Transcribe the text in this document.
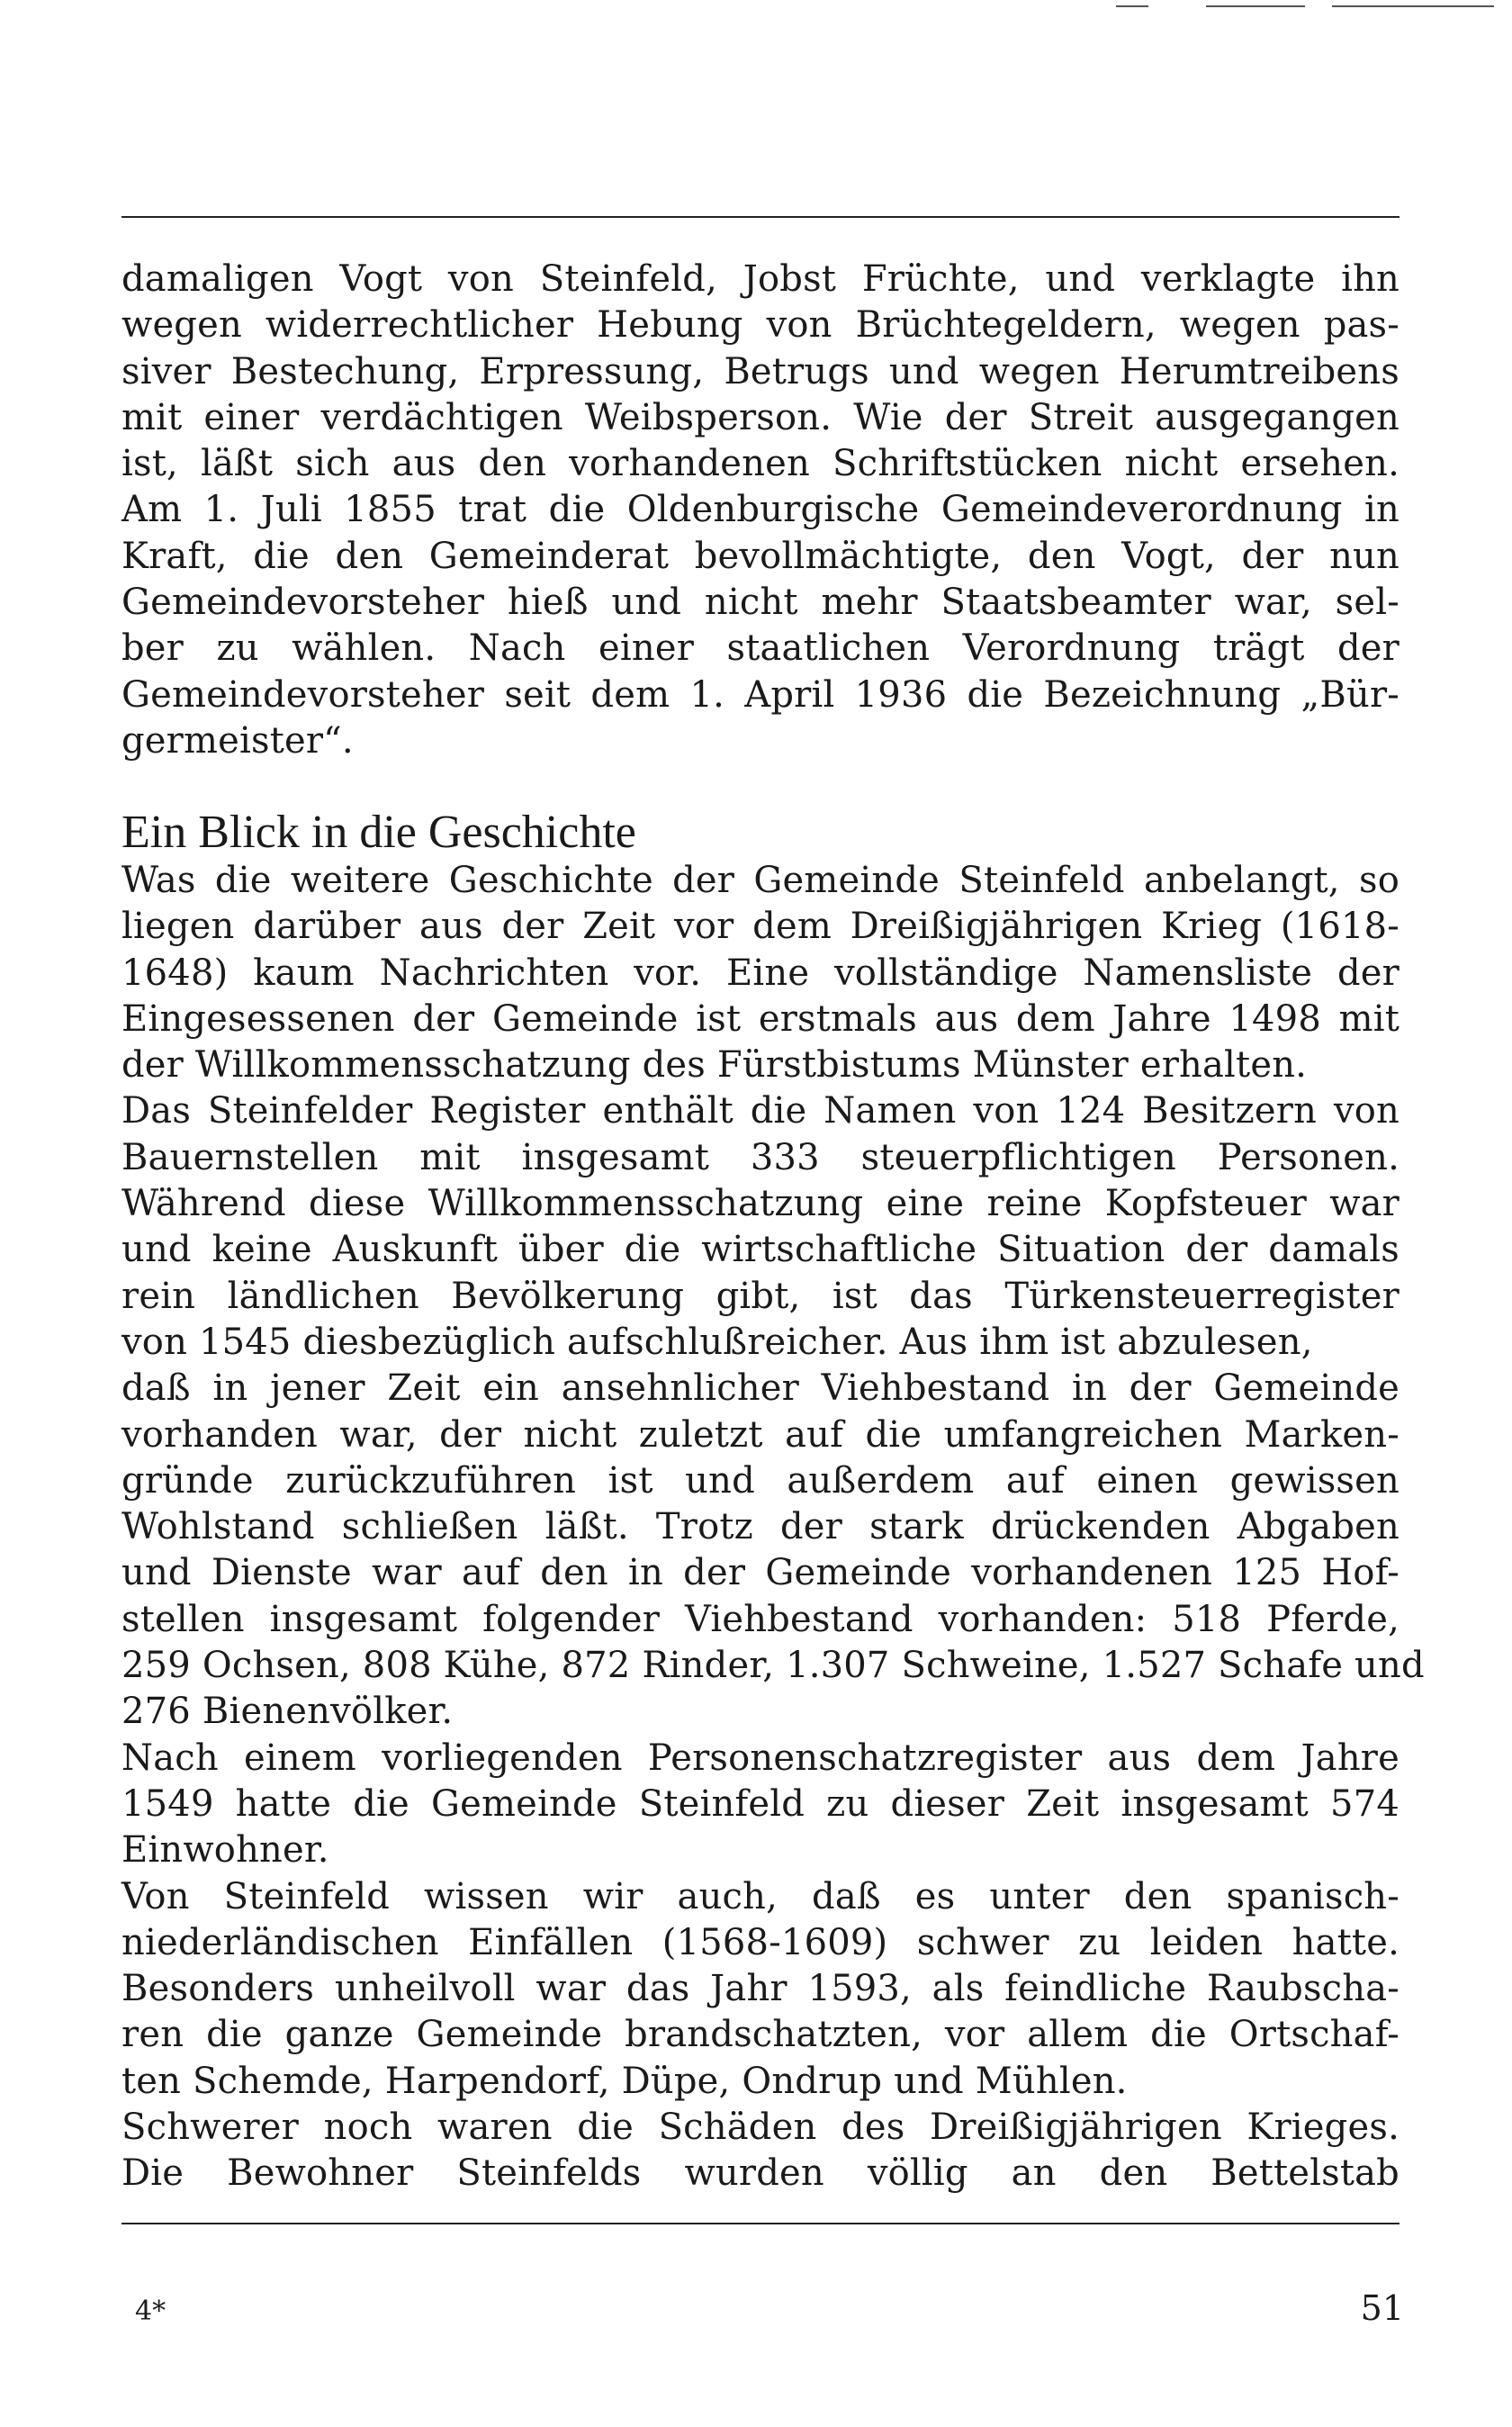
damaligen Vogt von Steinfeld, Jobst Früchte, und verklagte ihn
wegen widerrechtlicher Hebung von Brüchtegeldern, wegen pas-
siver Bestechung, Erpressung, Betrugs und wegen Herumtreibens
mit einer verdächtigen Weibsperson. Wie der Streit ausgegangen
ist, läßt sich aus den vorhandenen Schriftstücken nicht ersehen.
Am 1. Juli 1855 trat die Oldenburgische Gemeindeverordnung in
Kraft, die den Gemeinderat bevollmächtigte, den Vogt, der nun
Gemeindevorsteher hieß und nicht mehr Staatsbeamter war, sel-
ber zu wählen. Nach einer staatlichen Verordnung trägt der
Gemeindevorsteher seit dem 1. April 1936 die Bezeichnung „Bür-
germeister“.
Ein Blick in die Geschichte
Was die weitere Geschichte der Gemeinde Steinfeld anbelangt, so
liegen darüber aus der Zeit vor dem Dreißigjährigen Krieg (1618-
1648) kaum Nachrichten vor. Eine vollständige Namensliste der
Eingesessenen der Gemeinde ist erstmals aus dem Jahre 1498 mit
der Willkommensschatzung des Fürstbistums Münster erhalten.
Das Steinfelder Register enthält die Namen von 124 Besitzern von
Bauernstellen mit insgesamt 333 steuerpflichtigen Personen.
Während diese Willkommensschatzung eine reine Kopfsteuer war
und keine Auskunft über die wirtschaftliche Situation der damals
rein ländlichen Bevölkerung gibt, ist das Türkensteuerregister
von 1545 diesbezüglich aufschlußreicher. Aus ihm ist abzulesen,
daß in jener Zeit ein ansehnlicher Viehbestand in der Gemeinde
vorhanden war, der nicht zuletzt auf die umfangreichen Marken-
gründe zurückzuführen ist und außerdem auf einen gewissen
Wohlstand schließen läßt. Trotz der stark drückenden Abgaben
und Dienste war auf den in der Gemeinde vorhandenen 125 Hof-
stellen insgesamt folgender Viehbestand vorhanden: 518 Pferde,
259 Ochsen, 808 Kühe, 872 Rinder, 1.307 Schweine, 1.527 Schafe und
276 Bienenvölker.
Nach einem vorliegenden Personenschatzregister aus dem Jahre
1549 hatte die Gemeinde Steinfeld zu dieser Zeit insgesamt 574
Einwohner.
Von Steinfeld wissen wir auch, daß es unter den spanisch-
niederländischen Einfällen (1568-1609) schwer zu leiden hatte.
Besonders unheilvoll war das Jahr 1593, als feindliche Raubscha-
ren die ganze Gemeinde brandschatzten, vor allem die Ortschaf-
ten Schemde, Harpendorf, Düpe, Ondrup und Mühlen.
Schwerer noch waren die Schäden des Dreißigjährigen Krieges.
Die Bewohner Steinfelds wurden völlig an den Bettelstab

4*	51
